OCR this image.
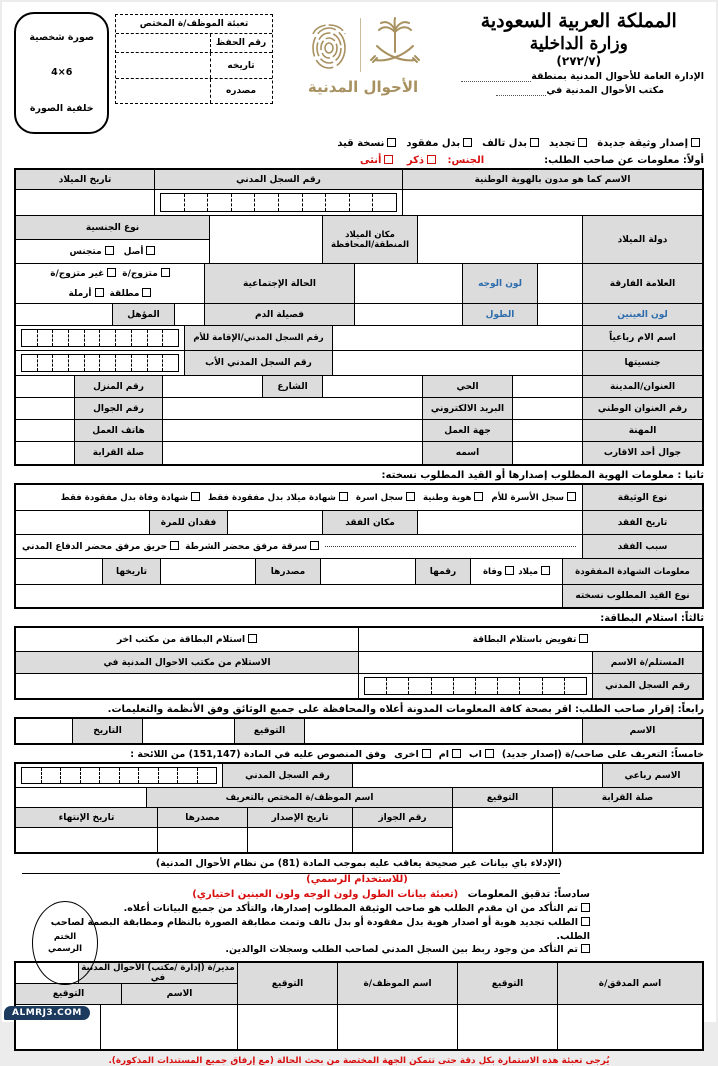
المملكة العربية السعودية
وزارة الداخلية
(٢٧٢/٧)
الإدارة العامة للأحوال المدنية بمنطقة
مكتب الأحوال المدنية في
الأحوال المدنية
تعبئة الموظف/ة المختص
رقم الحفظ
تاريخه
مصدره
صورة شخصية
6×4
خلفية الصورة
إصدار وثيقة جديدة
تجديد
بدل تالف
بدل مفقود
نسخة قيد
أولاً: معلومات عن صاحب الطلب:
الجنس: ذكر أنثى
الاسم كما هو مدون بالهوية الوطنية
رقم السجل المدني
تاريخ الميلاد
دولة الميلاد
مكان الميلاد
المنطقة/المحافظة
نوع الجنسية
أصل
متجنس
العلامة الفارقة
لون الوجه
الحالة الإجتماعية
متزوج/ة
غير متزوج/ة
مطلقة
أرملة
لون العينين
الطول
فصيلة الدم
المؤهل
اسم الام رباعياً
رقم السجل المدني/الإقامة للأم
جنسيتها
رقم السجل المدني الأب
العنوان/المدينة
الحي
الشارع
رقم المنزل
رقم العنوان الوطني
البريد الالكتروني
رقم الجوال
المهنة
جهة العمل
هاتف العمل
جوال أحد الاقارب
اسمه
صلة القرابة
ثانيا : معلومات الهوية المطلوب إصدارها أو القيد المطلوب نسخته:
نوع الوثيقة
سجل الأسرة للأم
هوية وطنية
سجل اسرة
شهادة ميلاد بدل مفقودة فقط
شهادة وفاة بدل مفقودة فقط
تاريخ الفقد
مكان الفقد
فقدان للمرة
سبب الفقد
سرقة مرفق محضر الشرطة
حريق مرفق محضر الدفاع المدني
معلومات الشهادة المفقودة
ميلاد
وفاة
رقمها
مصدرها
تاريخها
نوع القيد المطلوب نسخته
ثالثاً: استلام البطاقة:
تفويض باستلام البطاقة
استلام البطاقة من مكتب اخر
المستلم/ة الاسم
الاستلام من مكتب الاحوال المدنية في
رقم السجل المدني
رابعاً: إقرار صاحب الطلب: اقر بصحة كافة المعلومات المدونة أعلاه والمحافظة على جميع الوثائق وفق الأنظمة والتعليمات.
الاسم
التوقيع
التاريخ
خامساً: التعريف على صاحب/ة (إصدار جديد)
اب
ام
اخرى
وفق المنصوص عليه في المادة (151,147) من اللائحة :
الاسم رباعي
رقم السجل المدني
صلة القرابة
التوقيع
اسم الموظف/ة المختص بالتعريف
رقم الجواز
تاريخ الإصدار
مصدرها
تاريخ الإنتهاء
(الإدلاء باي بيانات غير صحيحة يعاقب عليه بموجب المادة (81) من نظام الأحوال المدنية)
(للاستخدام الرسمي)
سادساً: تدقيق المعلومات (تعبئة بيانات الطول ولون الوجه ولون العينين اختياري)
تم التأكد من ان مقدم الطلب هو صاحب الوثيقة المطلوب إصدارها، والتأكد من جميع البيانات أعلاه.
الطلب تجديد هوية أو اصدار هوية بدل مفقودة أو بدل تالف وتمت مطابقة الصورة بالنظام ومطابقة البصمة لصاحب الطلب.
تم التأكد من وجود ربط بين السجل المدني لصاحب الطلب وسجلات الوالدين.
الختم
الرسمي
اسم المدقق/ة
التوقيع
اسم الموظف/ة
التوقيع
مدير/ة (إدارة /مكتب) الأحوال المدنية في
الاسم
التوقيع
يُرجى تعبئة هذه الاستمارة بكل دقة حتى تتمكن الجهة المختصة من بحث الحالة (مع إرفاق جميع المستندات المذكورة).
ALMRJ3.COM
